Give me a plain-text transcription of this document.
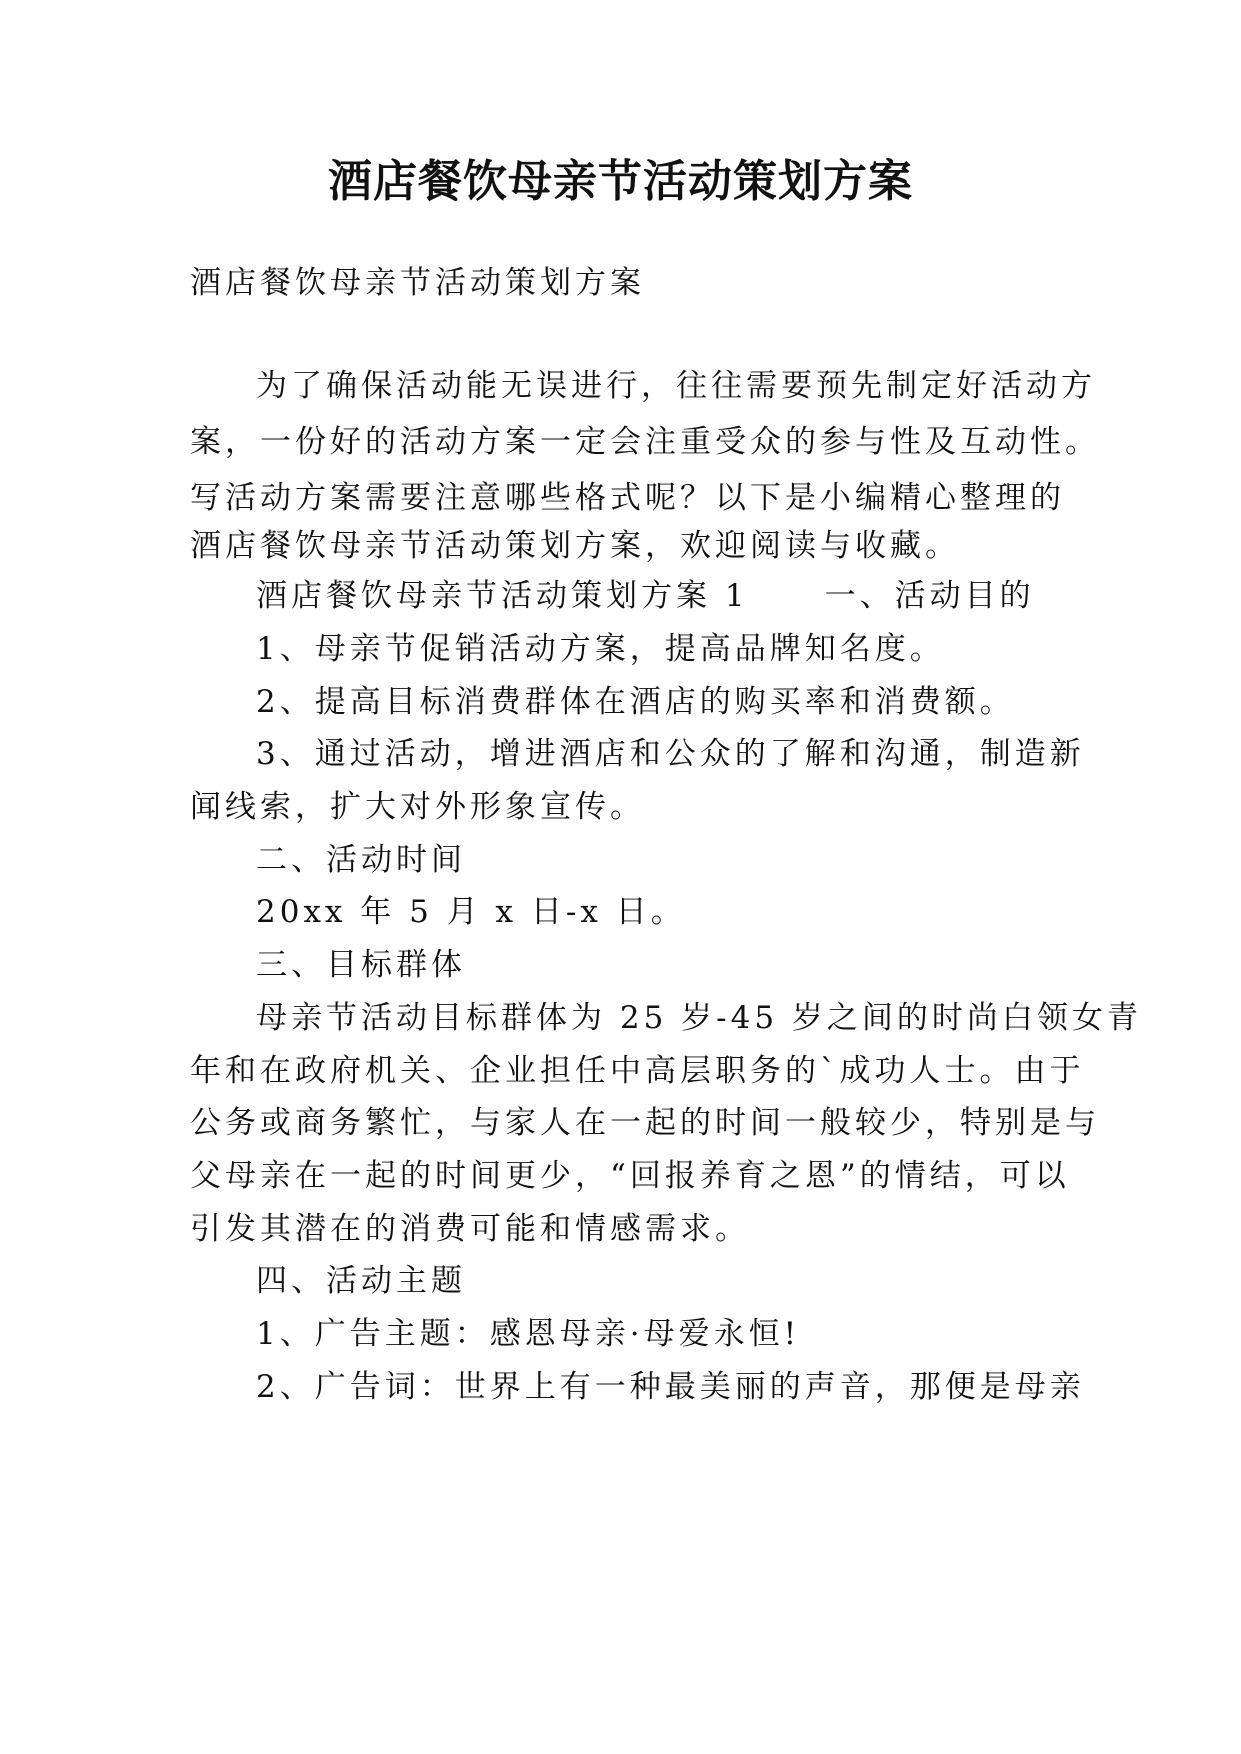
酒店餐饮母亲节活动策划方案
酒店餐饮母亲节活动策划方案
为了确保活动能无误进行，往往需要预先制定好活动方
案，一份好的活动方案一定会注重受众的参与性及互动性。
写活动方案需要注意哪些格式呢？以下是小编精心整理的
酒店餐饮母亲节活动策划方案，欢迎阅读与收藏。
酒店餐饮母亲节活动策划方案 1 一、活动目的
1、母亲节促销活动方案，提高品牌知名度。
2、提高目标消费群体在酒店的购买率和消费额。
3、通过活动，增进酒店和公众的了解和沟通，制造新
闻线索，扩大对外形象宣传。
二、活动时间
20xx 年 5 月 x 日-x 日。
三、目标群体
母亲节活动目标群体为 25 岁-45 岁之间的时尚白领女青
年和在政府机关、企业担任中高层职务的`成功人士。由于
公务或商务繁忙，与家人在一起的时间一般较少，特别是与
父母亲在一起的时间更少，“回报养育之恩”的情结，可以
引发其潜在的消费可能和情感需求。
四、活动主题
1、广告主题：感恩母亲·母爱永恒!
2、广告词：世界上有一种最美丽的声音，那便是母亲
